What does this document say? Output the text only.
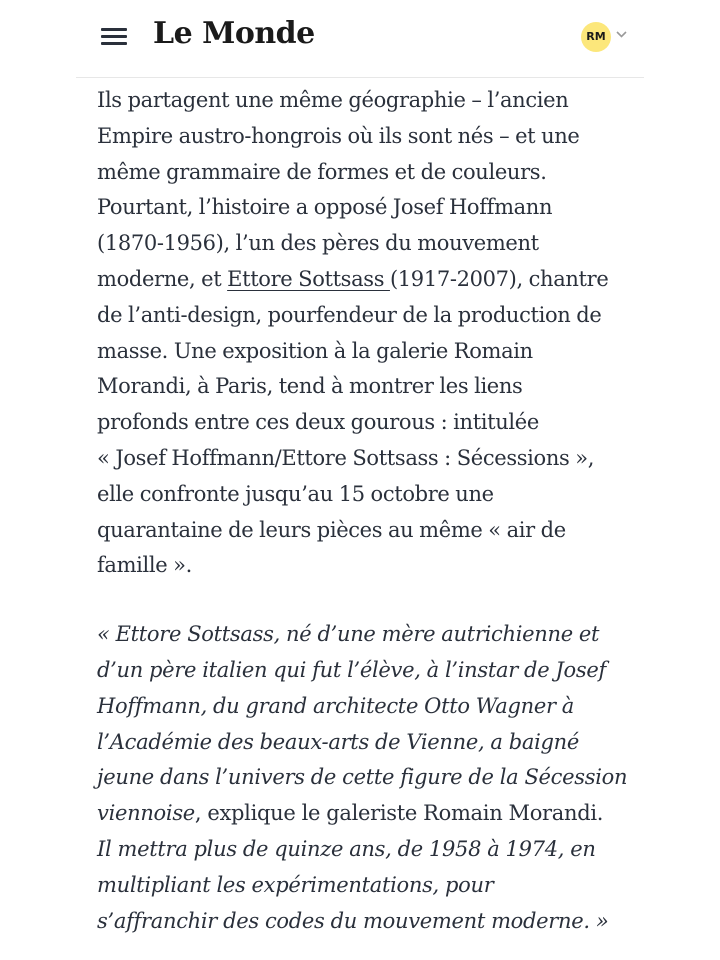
Le Monde	RM

Ils partagent une même géographie – l’ancien
Empire austro-hongrois où ils sont nés – et une
même grammaire de formes et de couleurs.
Pourtant, l’histoire a opposé Josef Hoffmann
(1870-1956), l’un des pères du mouvement
moderne, et Ettore Sottsass (1917-2007), chantre
de l’anti-design, pourfendeur de la production de
masse. Une exposition à la galerie Romain
Morandi, à Paris, tend à montrer les liens
profonds entre ces deux gourous : intitulée
« Josef Hoffmann/Ettore Sottsass : Sécessions »,
elle confronte jusqu’au 15 octobre une
quarantaine de leurs pièces au même « air de
famille ».

« Ettore Sottsass, né d’une mère autrichienne et
d’un père italien qui fut l’élève, à l’instar de Josef
Hoffmann, du grand architecte Otto Wagner à
l’Académie des beaux-arts de Vienne, a baigné
jeune dans l’univers de cette figure de la Sécession
viennoise, explique le galeriste Romain Morandi.
Il mettra plus de quinze ans, de 1958 à 1974, en
multipliant les expérimentations, pour
s’affranchir des codes du mouvement moderne. »
